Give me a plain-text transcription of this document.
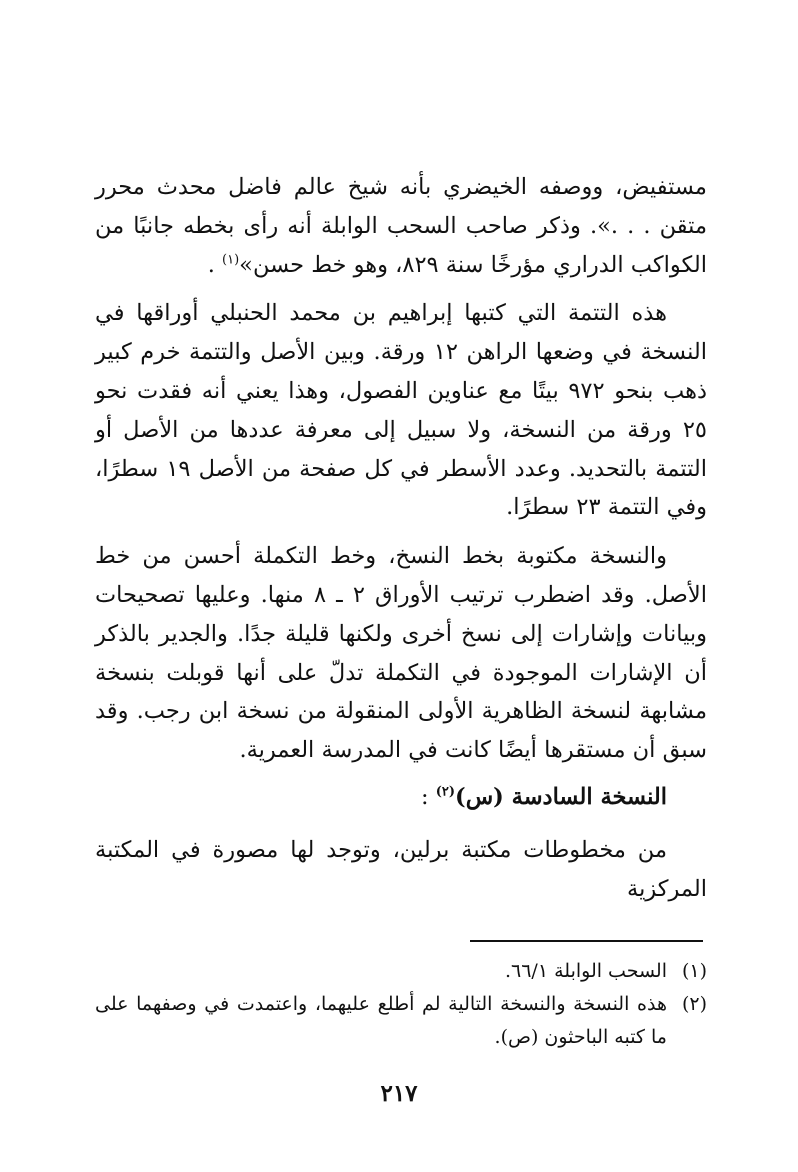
مستفيض، ووصفه الخيضري بأنه شيخ عالم فاضل محدث محرر متقن . . .». وذكر صاحب السحب الوابلة أنه رأى بخطه جانبًا من الكواكب الدراري مؤرخًا سنة ٨٢٩، وهو خط حسن»$^{(١)}$ .

هذه التتمة التي كتبها إبراهيم بن محمد الحنبلي أوراقها في النسخة في وضعها الراهن ١٢ ورقة. وبين الأصل والتتمة خرم كبير ذهب بنحو ٩٧٢ بيتًا مع عناوين الفصول، وهذا يعني أنه فقدت نحو ٢٥ ورقة من النسخة، ولا سبيل إلى معرفة عددها من الأصل أو التتمة بالتحديد. وعدد الأسطر في كل صفحة من الأصل ١٩ سطرًا، وفي التتمة ٢٣ سطرًا.

والنسخة مكتوبة بخط النسخ، وخط التكملة أحسن من خط الأصل. وقد اضطرب ترتيب الأوراق ٢ ـ ٨ منها. وعليها تصحيحات وبيانات وإشارات إلى نسخ أخرى ولكنها قليلة جدًا. والجدير بالذكر أن الإشارات الموجودة في التكملة تدلّ على أنها قوبلت بنسخة مشابهة لنسخة الظاهرية الأولى المنقولة من نسخة ابن رجب. وقد سبق أن مستقرها أيضًا كانت في المدرسة العمرية.

النسخة السادسة (س)$^{(٢)}$ :

من مخطوطات مكتبة برلين، وتوجد لها مصورة في المكتبة المركزية

(١)
السحب الوابلة ٦٦/١.
(٢)
هذه النسخة والنسخة التالية لم أطلع عليهما، واعتمدت في وصفهما على ما كتبه الباحثون (ص).
٢١٧
